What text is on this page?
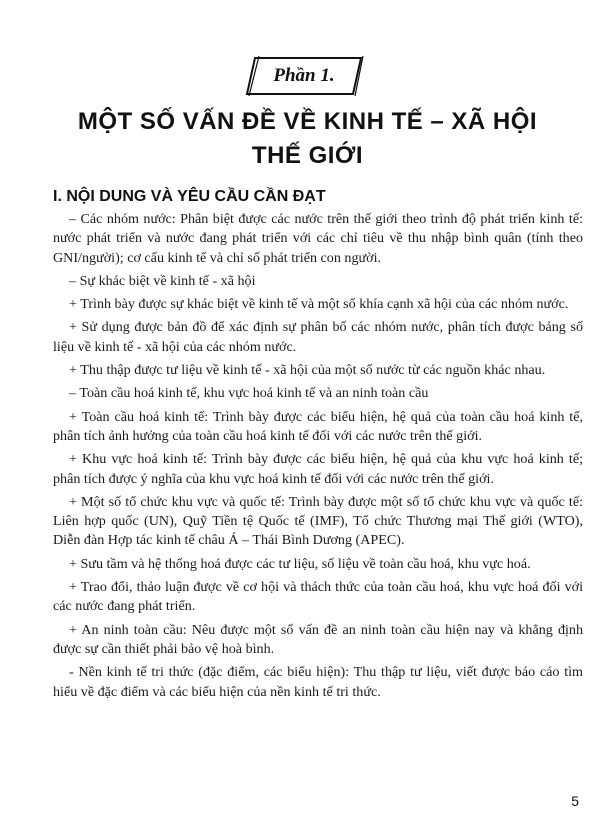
Phần 1.
MỘT SỐ VẤN ĐỀ VỀ KINH TẾ – XÃ HỘI
THẾ GIỚI
I. NỘI DUNG VÀ YÊU CẦU CẦN ĐẠT

– Các nhóm nước: Phân biệt được các nước trên thế giới theo trình độ phát triển kinh tế: nước phát triển và nước đang phát triển với các chỉ tiêu về thu nhập bình quân (tính theo GNI/người); cơ cấu kinh tế và chỉ số phát triển con người.

– Sự khác biệt về kinh tế - xã hội

+ Trình bày được sự khác biệt về kinh tế và một số khía cạnh xã hội của các nhóm nước.

+ Sử dụng được bản đồ để xác định sự phân bố các nhóm nước, phân tích được bảng số liệu về kinh tế - xã hội của các nhóm nước.

+ Thu thập được tư liệu về kinh tế - xã hội của một số nước từ các nguồn khác nhau.

– Toàn cầu hoá kinh tế, khu vực hoá kinh tế và an ninh toàn cầu

+ Toàn cầu hoá kinh tế: Trình bày được các biểu hiện, hệ quả của toàn cầu hoá kinh tế, phân tích ảnh hưởng của toàn cầu hoá kinh tế đối với các nước trên thế giới.

+ Khu vực hoá kinh tế: Trình bày được các biểu hiện, hệ quả của khu vực hoá kinh tế; phân tích được ý nghĩa của khu vực hoá kinh tế đối với các nước trên thế giới.

+ Một số tổ chức khu vực và quốc tế: Trình bày được một số tổ chức khu vực và quốc tế: Liên hợp quốc (UN), Quỹ Tiền tệ Quốc tế (IMF), Tổ chức Thương mại Thế giới (WTO), Diễn đàn Hợp tác kinh tế châu Á – Thái Bình Dương (APEC).

+ Sưu tầm và hệ thống hoá được các tư liệu, số liệu về toàn cầu hoá, khu vực hoá.

+ Trao đổi, thảo luận được về cơ hội và thách thức của toàn cầu hoá, khu vực hoá đối với các nước đang phát triển.

+ An ninh toàn cầu: Nêu được một số vấn đề an ninh toàn cầu hiện nay và khẳng định được sự cần thiết phải bảo vệ hoà bình.

- Nền kinh tế tri thức (đặc điểm, các biểu hiện): Thu thập tư liệu, viết được báo cáo tìm hiểu về đặc điểm và các biểu hiện của nền kinh tế tri thức.

5
